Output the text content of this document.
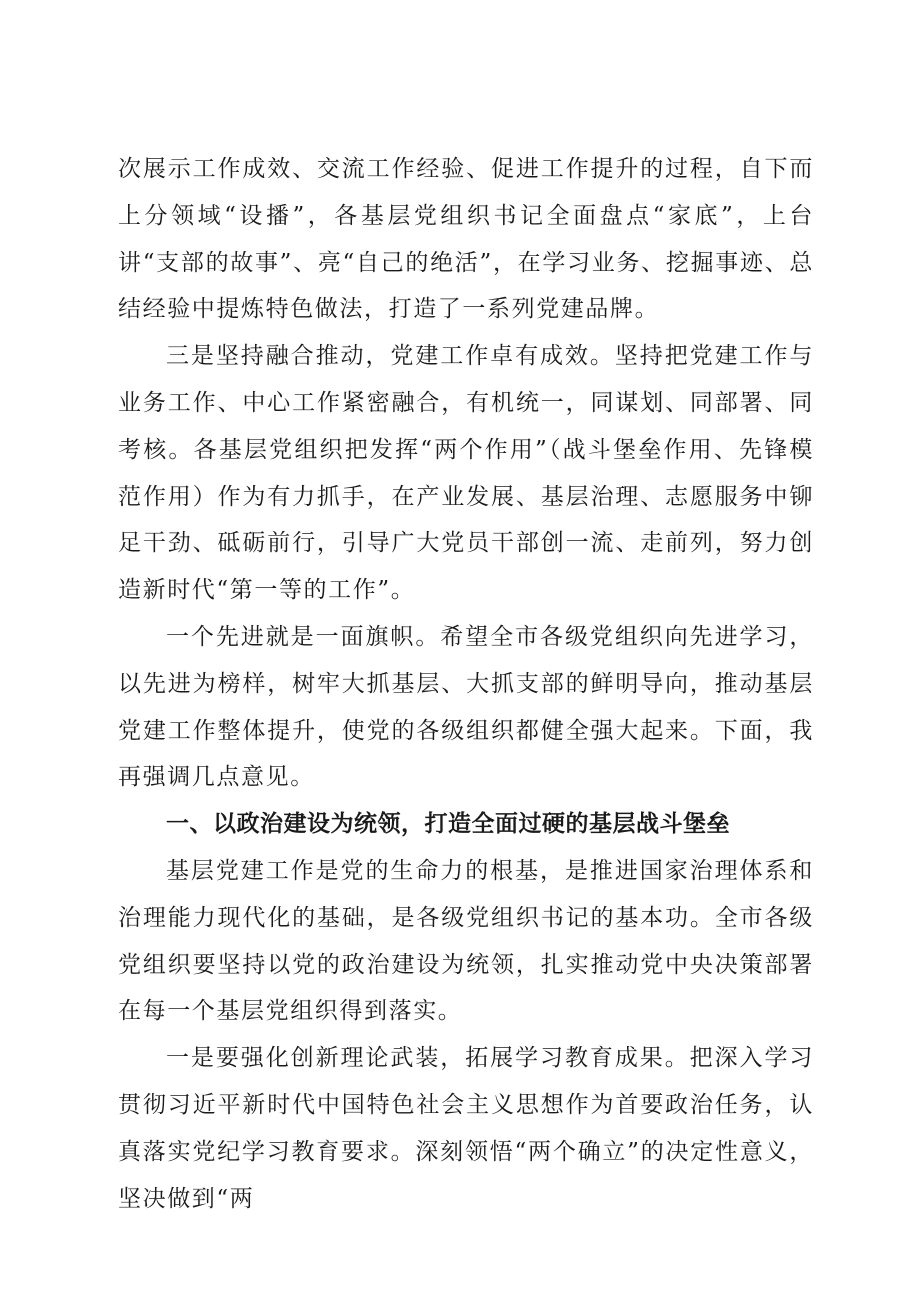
次展示工作成效、交流工作经验、促进工作提升的过程，自下而上分领域“设播”，各基层党组织书记全面盘点“家底”，上台讲“支部的故事”、亮“自己的绝活”，在学习业务、挖掘事迹、总结经验中提炼特色做法，打造了一系列党建品牌。

三是坚持融合推动，党建工作卓有成效。坚持把党建工作与业务工作、中心工作紧密融合，有机统一，同谋划、同部署、同考核。各基层党组织把发挥“两个作用”（战斗堡垒作用、先锋模范作用）作为有力抓手，在产业发展、基层治理、志愿服务中铆足干劲、砥砺前行，引导广大党员干部创一流、走前列，努力创造新时代“第一等的工作”。

一个先进就是一面旗帜。希望全市各级党组织向先进学习，以先进为榜样，树牢大抓基层、大抓支部的鲜明导向，推动基层党建工作整体提升，使党的各级组织都健全强大起来。下面，我再强调几点意见。

一、以政治建设为统领，打造全面过硬的基层战斗堡垒

基层党建工作是党的生命力的根基，是推进国家治理体系和治理能力现代化的基础，是各级党组织书记的基本功。全市各级党组织要坚持以党的政治建设为统领，扎实推动党中央决策部署在每一个基层党组织得到落实。

一是要强化创新理论武装，拓展学习教育成果。把深入学习贯彻习近平新时代中国特色社会主义思想作为首要政治任务，认真落实党纪学习教育要求。深刻领悟“两个确立”的决定性意义，坚决做到“两
